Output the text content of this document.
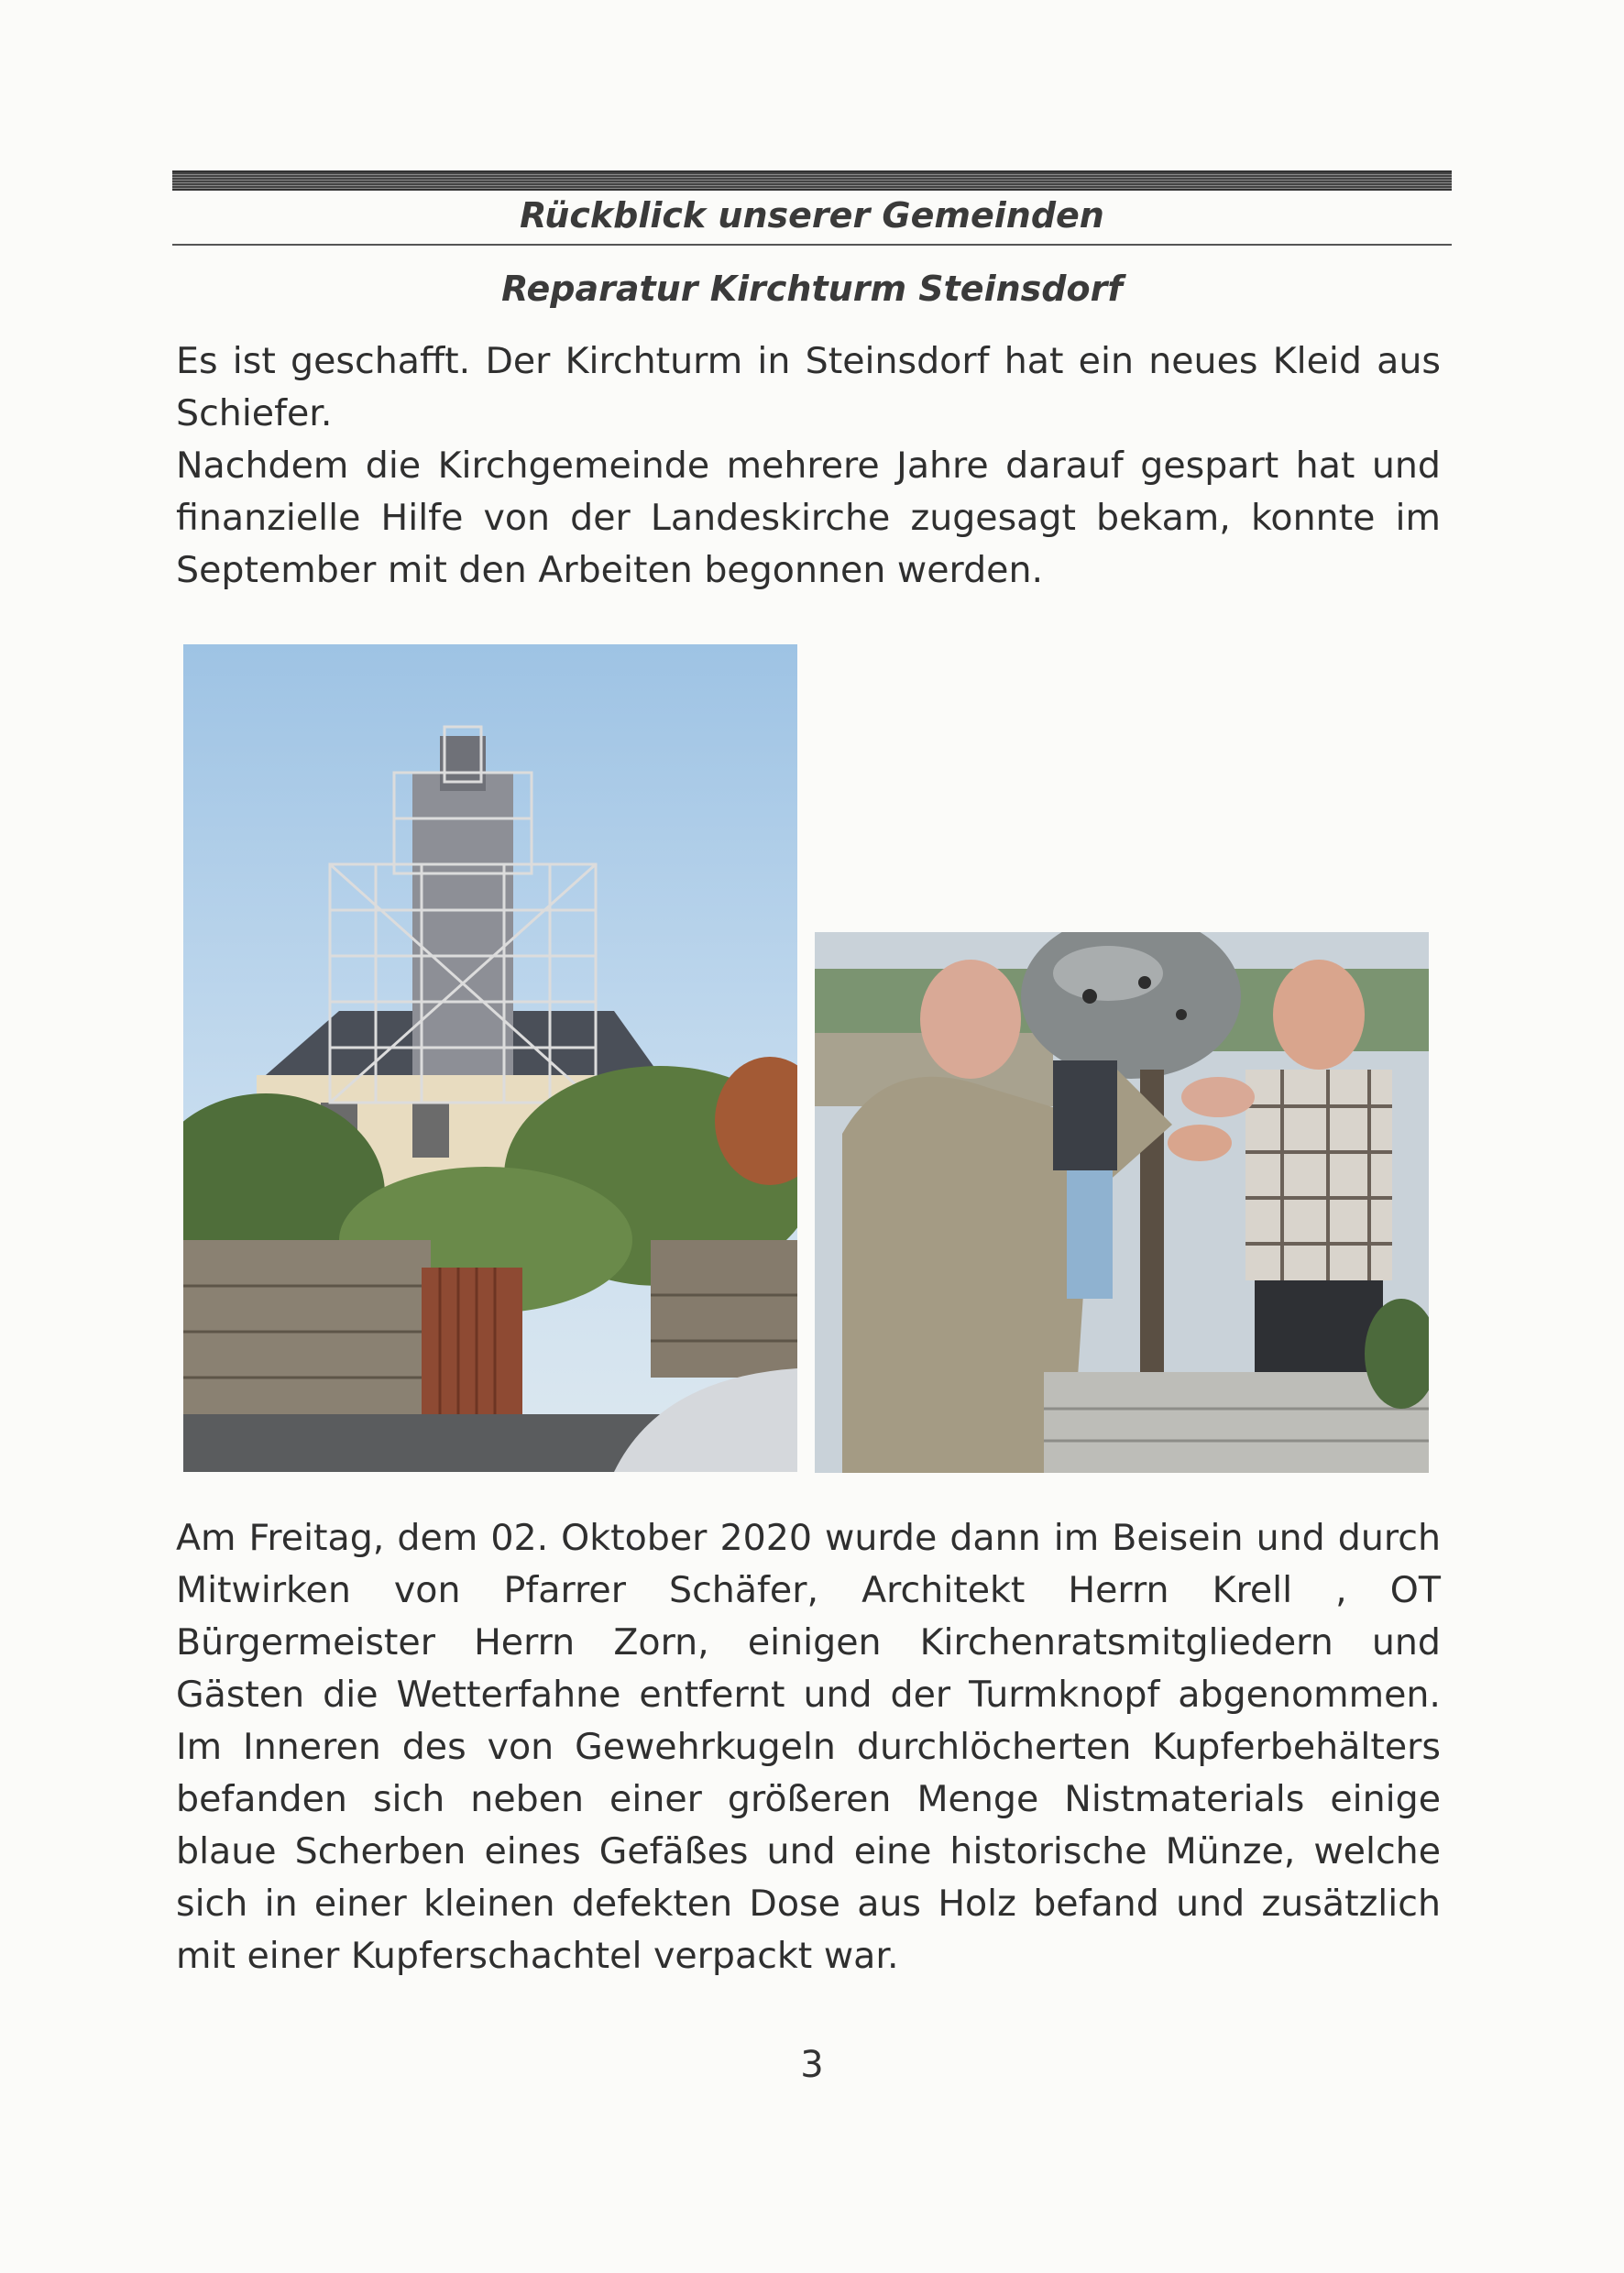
Rückblick unserer Gemeinden
Reparatur Kirchturm Steinsdorf

Es ist geschafft. Der Kirchturm in Steinsdorf hat ein neues Kleid aus Schiefer.

Nachdem die Kirchgemeinde mehrere Jahre darauf gespart hat und finanzielle Hilfe von der Landeskirche zugesagt bekam, konnte im September mit den Arbeiten begonnen werden.

Am Freitag, dem 02. Oktober 2020 wurde dann im Beisein und durch Mitwirken von Pfarrer Schäfer, Architekt Herrn Krell , OT Bürgermeister Herrn Zorn, einigen Kirchenratsmitgliedern und Gästen die Wetterfahne entfernt und der Turmknopf abgenommen. Im Inneren des von Gewehrkugeln durchlöcherten Kupferbehälters befanden sich neben einer größeren Menge Nistmaterials einige blaue Scherben eines Gefäßes und eine historische Münze, welche sich in einer kleinen defekten Dose aus Holz befand und zusätzlich mit einer Kupferschachtel verpackt war.

3
